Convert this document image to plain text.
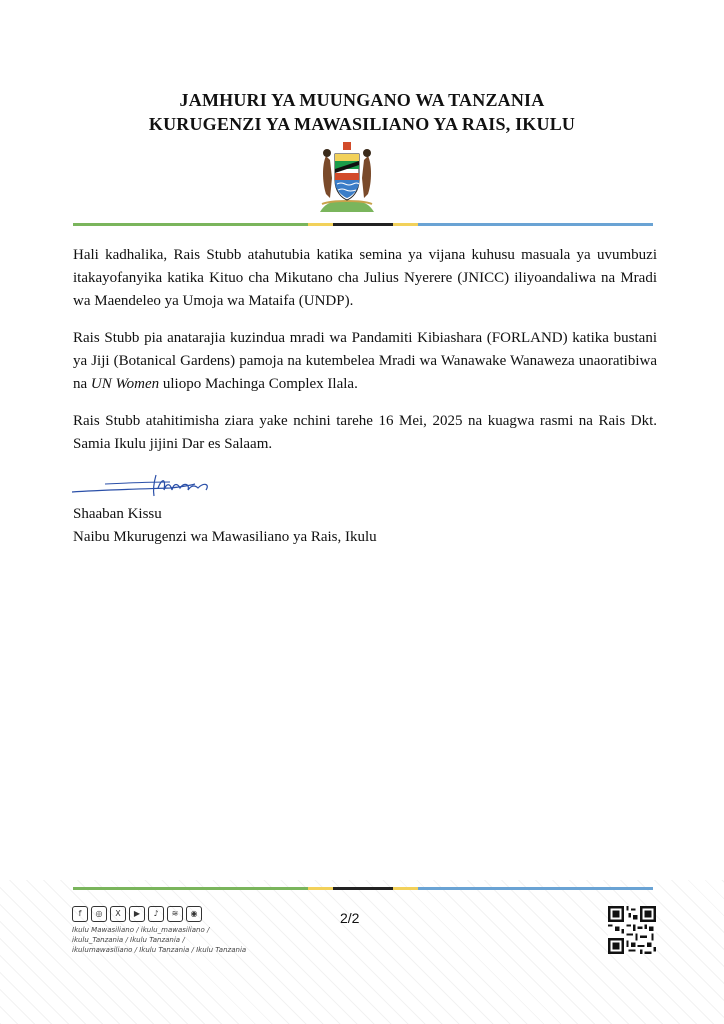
JAMHURI YA MUUNGANO WA TANZANIA
KURUGENZI YA MAWASILIANO YA RAIS, IKULU

Hali kadhalika, Rais Stubb atahutubia katika semina ya vijana kuhusu masuala ya uvumbuzi itakayofanyika katika Kituo cha Mikutano cha Julius Nyerere (JNICC) iliyoandaliwa na Mradi wa Maendeleo ya Umoja wa Mataifa (UNDP).

Rais Stubb pia anatarajia kuzindua mradi wa Pandamiti Kibiashara (FORLAND) katika bustani ya Jiji (Botanical Gardens) pamoja na kutembelea Mradi wa Wanawake Wanaweza unaoratibiwa na UN Women uliopo Machinga Complex Ilala.

Rais Stubb atahitimisha ziara yake nchini tarehe 16 Mei, 2025 na kuagwa rasmi na Rais Dkt. Samia Ikulu jijini Dar es Salaam.

Shaaban Kissu
Naibu Mkurugenzi wa Mawasiliano ya Rais, Ikulu
f	◎	X	▶	♪	≋	◉
Ikulu Mawasiliano / ikulu_mawasiliano /
ikulu_Tanzania / Ikulu Tanzania /
ikulumawasiliano / Ikulu Tanzania / Ikulu Tanzania
2/2
